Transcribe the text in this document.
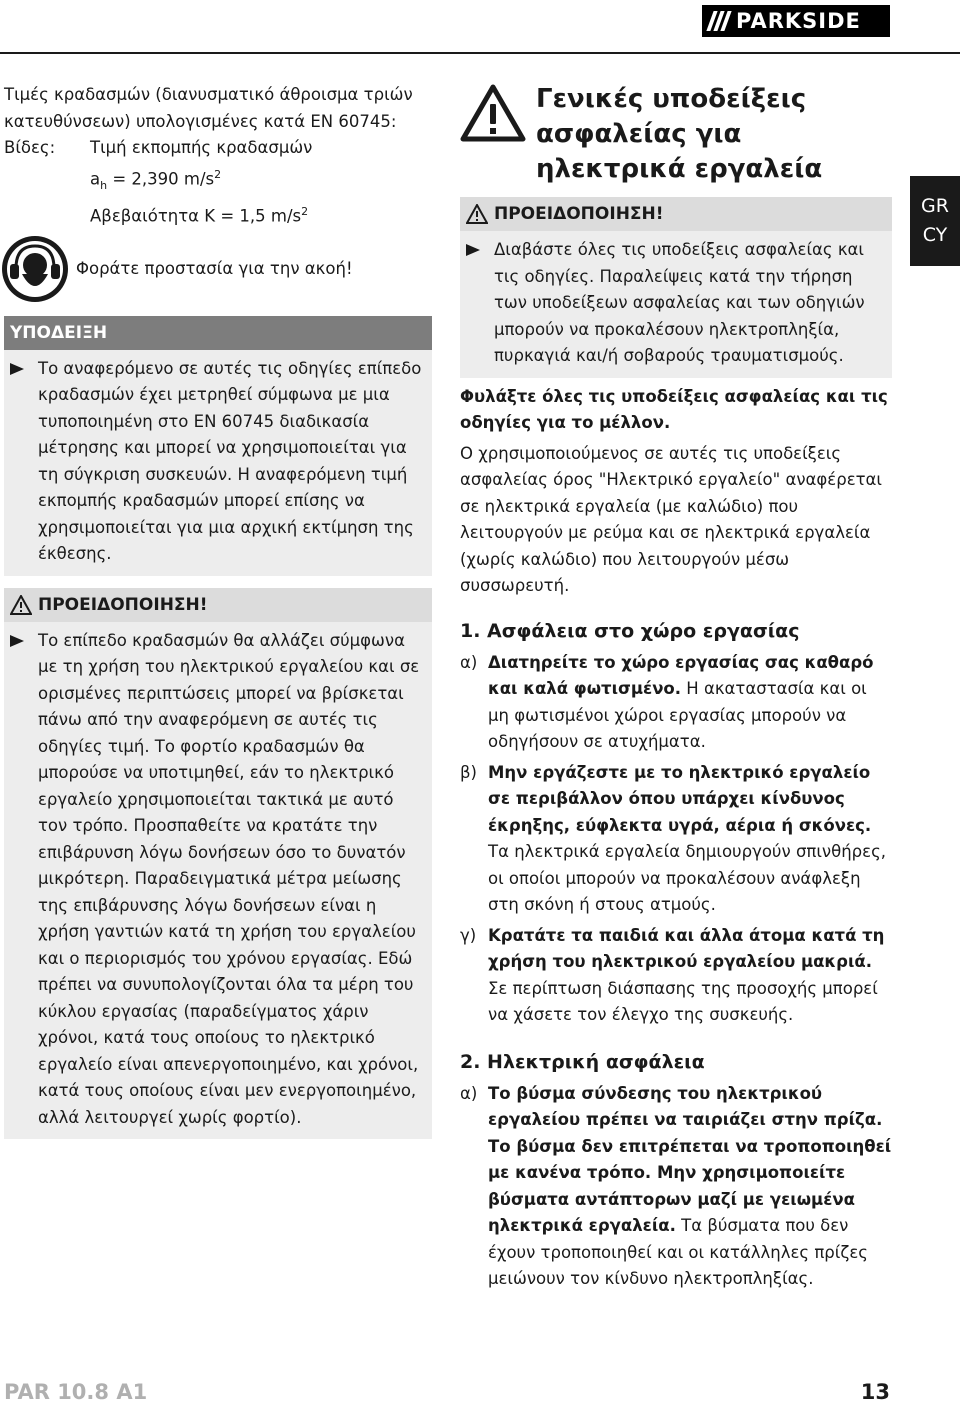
PARKSIDE
GR
CY

Τιμές κραδασμών (διανυσματικό άθροισμα τριών κατευθύνσεων) υπολογισμένες κατά EN 60745:

Βίδες:	Τιμή εκπομπής κραδασμών
$a_h = 2,390$ $m/s^2$
Αβεβαιότητα K = 1,5 $m/s^2$
Φοράτε προστασία για την ακοή!
ΥΠΟΔΕΙΞΗ
Το αναφερόμενο σε αυτές τις οδηγίες επίπεδο κραδασμών έχει μετρηθεί σύμφωνα με μια τυποποιημένη στο EN 60745 διαδικασία μέτρησης και μπορεί να χρησιμοποιείται για τη σύγκριση συσκευών. Η αναφερόμενη τιμή εκπομπής κραδασμών μπορεί επίσης να χρησιμοποιείται για μια αρχική εκτίμηση της έκθεσης.
ΠΡΟΕΙΔΟΠΟΙΗΣΗ!
Το επίπεδο κραδασμών θα αλλάζει σύμφωνα με τη χρήση του ηλεκτρικού εργαλείου και σε ορισμένες περιπτώσεις μπορεί να βρίσκεται πάνω από την αναφερόμενη σε αυτές τις οδηγίες τιμή. Το φορτίο κραδασμών θα μπορούσε να υποτιμηθεί, εάν το ηλεκτρικό εργαλείο χρησιμοποιείται τακτικά με αυτό τον τρόπο. Προσπαθείτε να κρατάτε την επιβάρυνση λόγω δονήσεων όσο το δυνατόν μικρότερη. Παραδειγματικά μέτρα μείωσης της επιβάρυνσης λόγω δονήσεων είναι η χρήση γαντιών κατά τη χρήση του εργαλείου και ο περιορισμός του χρόνου εργασίας. Εδώ πρέπει να συνυπολογίζονται όλα τα μέρη του κύκλου εργασίας (παραδείγματος χάριν χρόνοι, κατά τους οποίους το ηλεκτρικό εργαλείο είναι απενεργοποιημένο, και χρόνοι, κατά τους οποίους είναι μεν ενεργοποιημένο, αλλά λειτουργεί χωρίς φορτίο).
Γενικές υποδείξεις ασφαλείας για ηλεκτρικά εργαλεία
ΠΡΟΕΙΔΟΠΟΙΗΣΗ!
Διαβάστε όλες τις υποδείξεις ασφαλείας και τις οδηγίες. Παραλείψεις κατά την τήρηση των υποδείξεων ασφαλείας και των οδηγιών μπορούν να προκαλέσουν ηλεκτροπληξία, πυρκαγιά και/ή σοβαρούς τραυματισμούς.

Φυλάξτε όλες τις υποδείξεις ασφαλείας και τις οδηγίες για το μέλλον.

Ο χρησιμοποιούμενος σε αυτές τις υποδείξεις ασφαλείας όρος "Ηλεκτρικό εργαλείο" αναφέρεται σε ηλεκτρικά εργαλεία (με καλώδιο) που λειτουργούν με ρεύμα και σε ηλεκτρικά εργαλεία (χωρίς καλώδιο) που λειτουργούν μέσω συσσωρευτή.

1. Ασφάλεια στο χώρο εργασίας
α) Διατηρείτε το χώρο εργασίας σας καθαρό και καλά φωτισμένο. Η ακαταστασία και οι μη φωτισμένοι χώροι εργασίας μπορούν να οδηγήσουν σε ατυχήματα.
β) Μην εργάζεστε με το ηλεκτρικό εργαλείο σε περιβάλλον όπου υπάρχει κίνδυνος έκρηξης, εύφλεκτα υγρά, αέρια ή σκόνες. Τα ηλεκτρικά εργαλεία δημιουργούν σπινθήρες, οι οποίοι μπορούν να προκαλέσουν ανάφλεξη στη σκόνη ή στους ατμούς.
γ) Κρατάτε τα παιδιά και άλλα άτομα κατά τη χρήση του ηλεκτρικού εργαλείου μακριά. Σε περίπτωση διάσπασης της προσοχής μπορεί να χάσετε τον έλεγχο της συσκευής.
2. Ηλεκτρική ασφάλεια
α) Το βύσμα σύνδεσης του ηλεκτρικού εργαλείου πρέπει να ταιριάζει στην πρίζα. Το βύσμα δεν επιτρέπεται να τροποποιηθεί με κανένα τρόπο. Μην χρησιμοποιείτε βύσματα αντάπτορων μαζί με γειωμένα ηλεκτρικά εργαλεία. Τα βύσματα που δεν έχουν τροποποιηθεί και οι κατάλληλες πρίζες μειώνουν τον κίνδυνο ηλεκτροπληξίας.
PAR 10.8 A1	13
